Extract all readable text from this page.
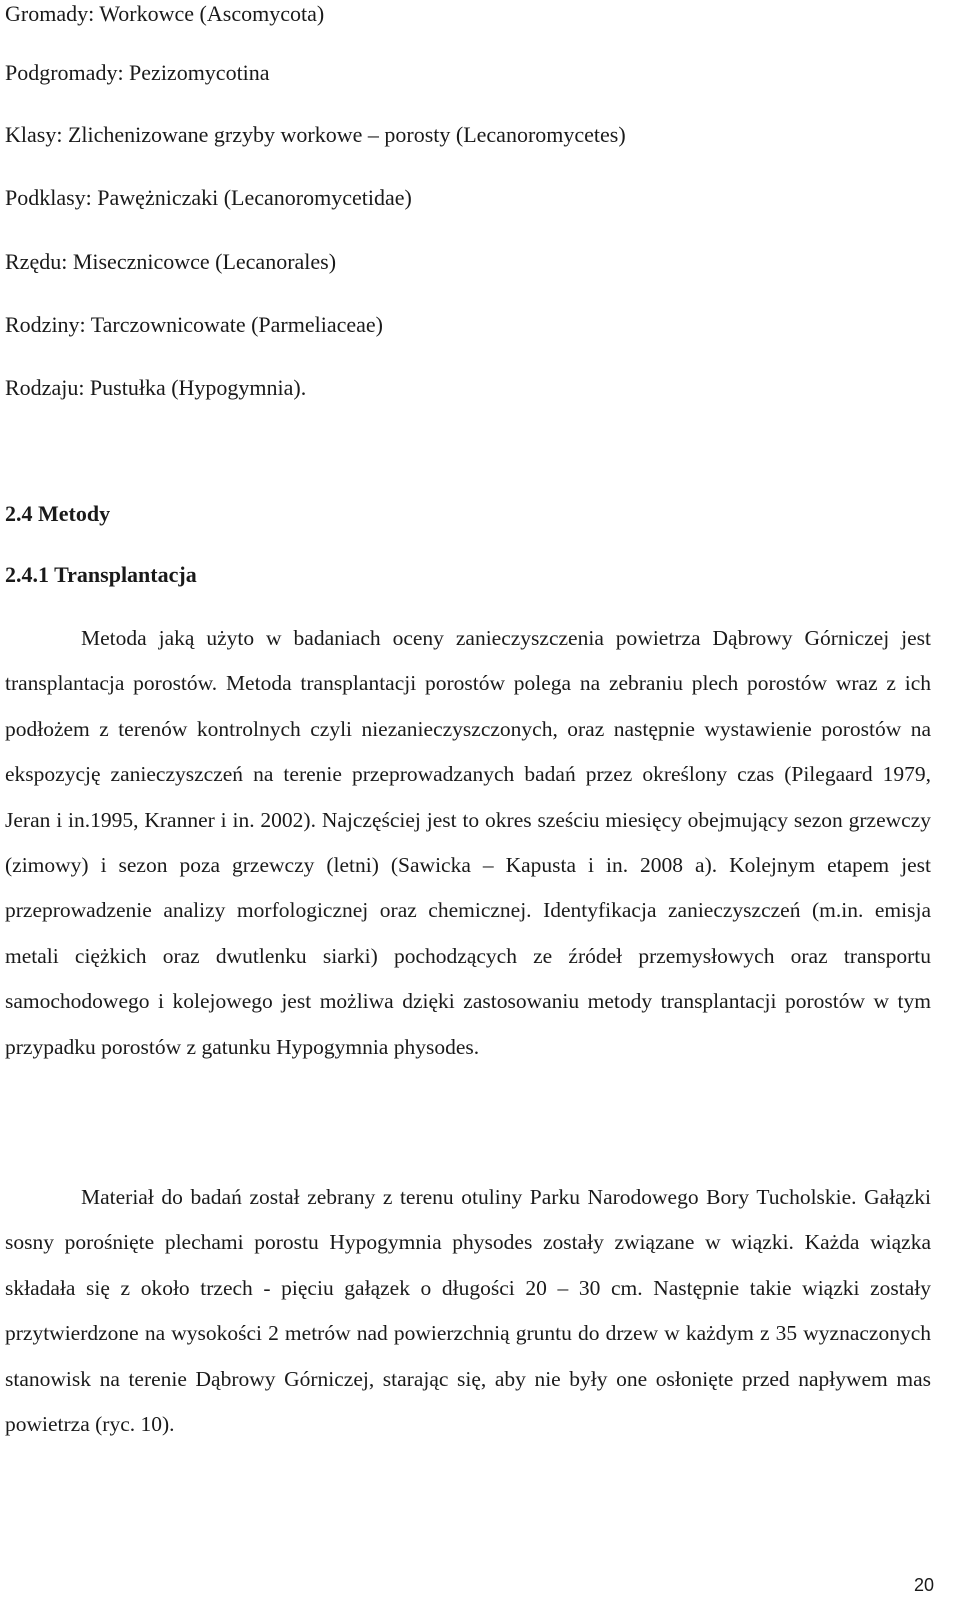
Gromady: Workowce (Ascomycota)

Podgromady: Pezizomycotina

Klasy: Zlichenizowane grzyby workowe – porosty (Lecanoromycetes)

Podklasy: Pawężniczaki (Lecanoromycetidae)

Rzędu: Misecznicowce (Lecanorales)

Rodziny: Tarczownicowate (Parmeliaceae)

Rodzaju: Pustułka (Hypogymnia).

2.4 Metody
2.4.1 Transplantacja

Metoda jaką użyto w badaniach oceny zanieczyszczenia powietrza Dąbrowy Górniczej jest transplantacja porostów. Metoda transplantacji porostów polega na zebraniu plech porostów wraz z ich podłożem z terenów kontrolnych czyli niezanieczyszczonych, oraz następnie wystawienie porostów na ekspozycję zanieczyszczeń na terenie przeprowadzanych badań przez określony czas (Pilegaard 1979, Jeran i in.1995, Kranner i in. 2002). Najczęściej jest to okres sześciu miesięcy obejmujący sezon grzewczy (zimowy) i sezon poza grzewczy (letni) (Sawicka – Kapusta i in. 2008 a). Kolejnym etapem jest przeprowadzenie analizy morfologicznej oraz chemicznej. Identyfikacja zanieczyszczeń (m.in. emisja metali ciężkich oraz dwutlenku siarki) pochodzących ze źródeł przemysłowych oraz transportu samochodowego i kolejowego jest możliwa dzięki zastosowaniu metody transplantacji porostów w tym przypadku porostów z gatunku Hypogymnia physodes.

Materiał do badań został zebrany z terenu otuliny Parku Narodowego Bory Tucholskie. Gałązki sosny porośnięte plechami porostu Hypogymnia physodes zostały związane w wiązki. Każda wiązka składała się z około trzech - pięciu gałązek o długości 20 – 30 cm. Następnie takie wiązki zostały przytwierdzone na wysokości 2 metrów nad powierzchnią gruntu do drzew w każdym z 35 wyznaczonych stanowisk na terenie Dąbrowy Górniczej, starając się, aby nie były one osłonięte przed napływem mas powietrza (ryc. 10).

20
